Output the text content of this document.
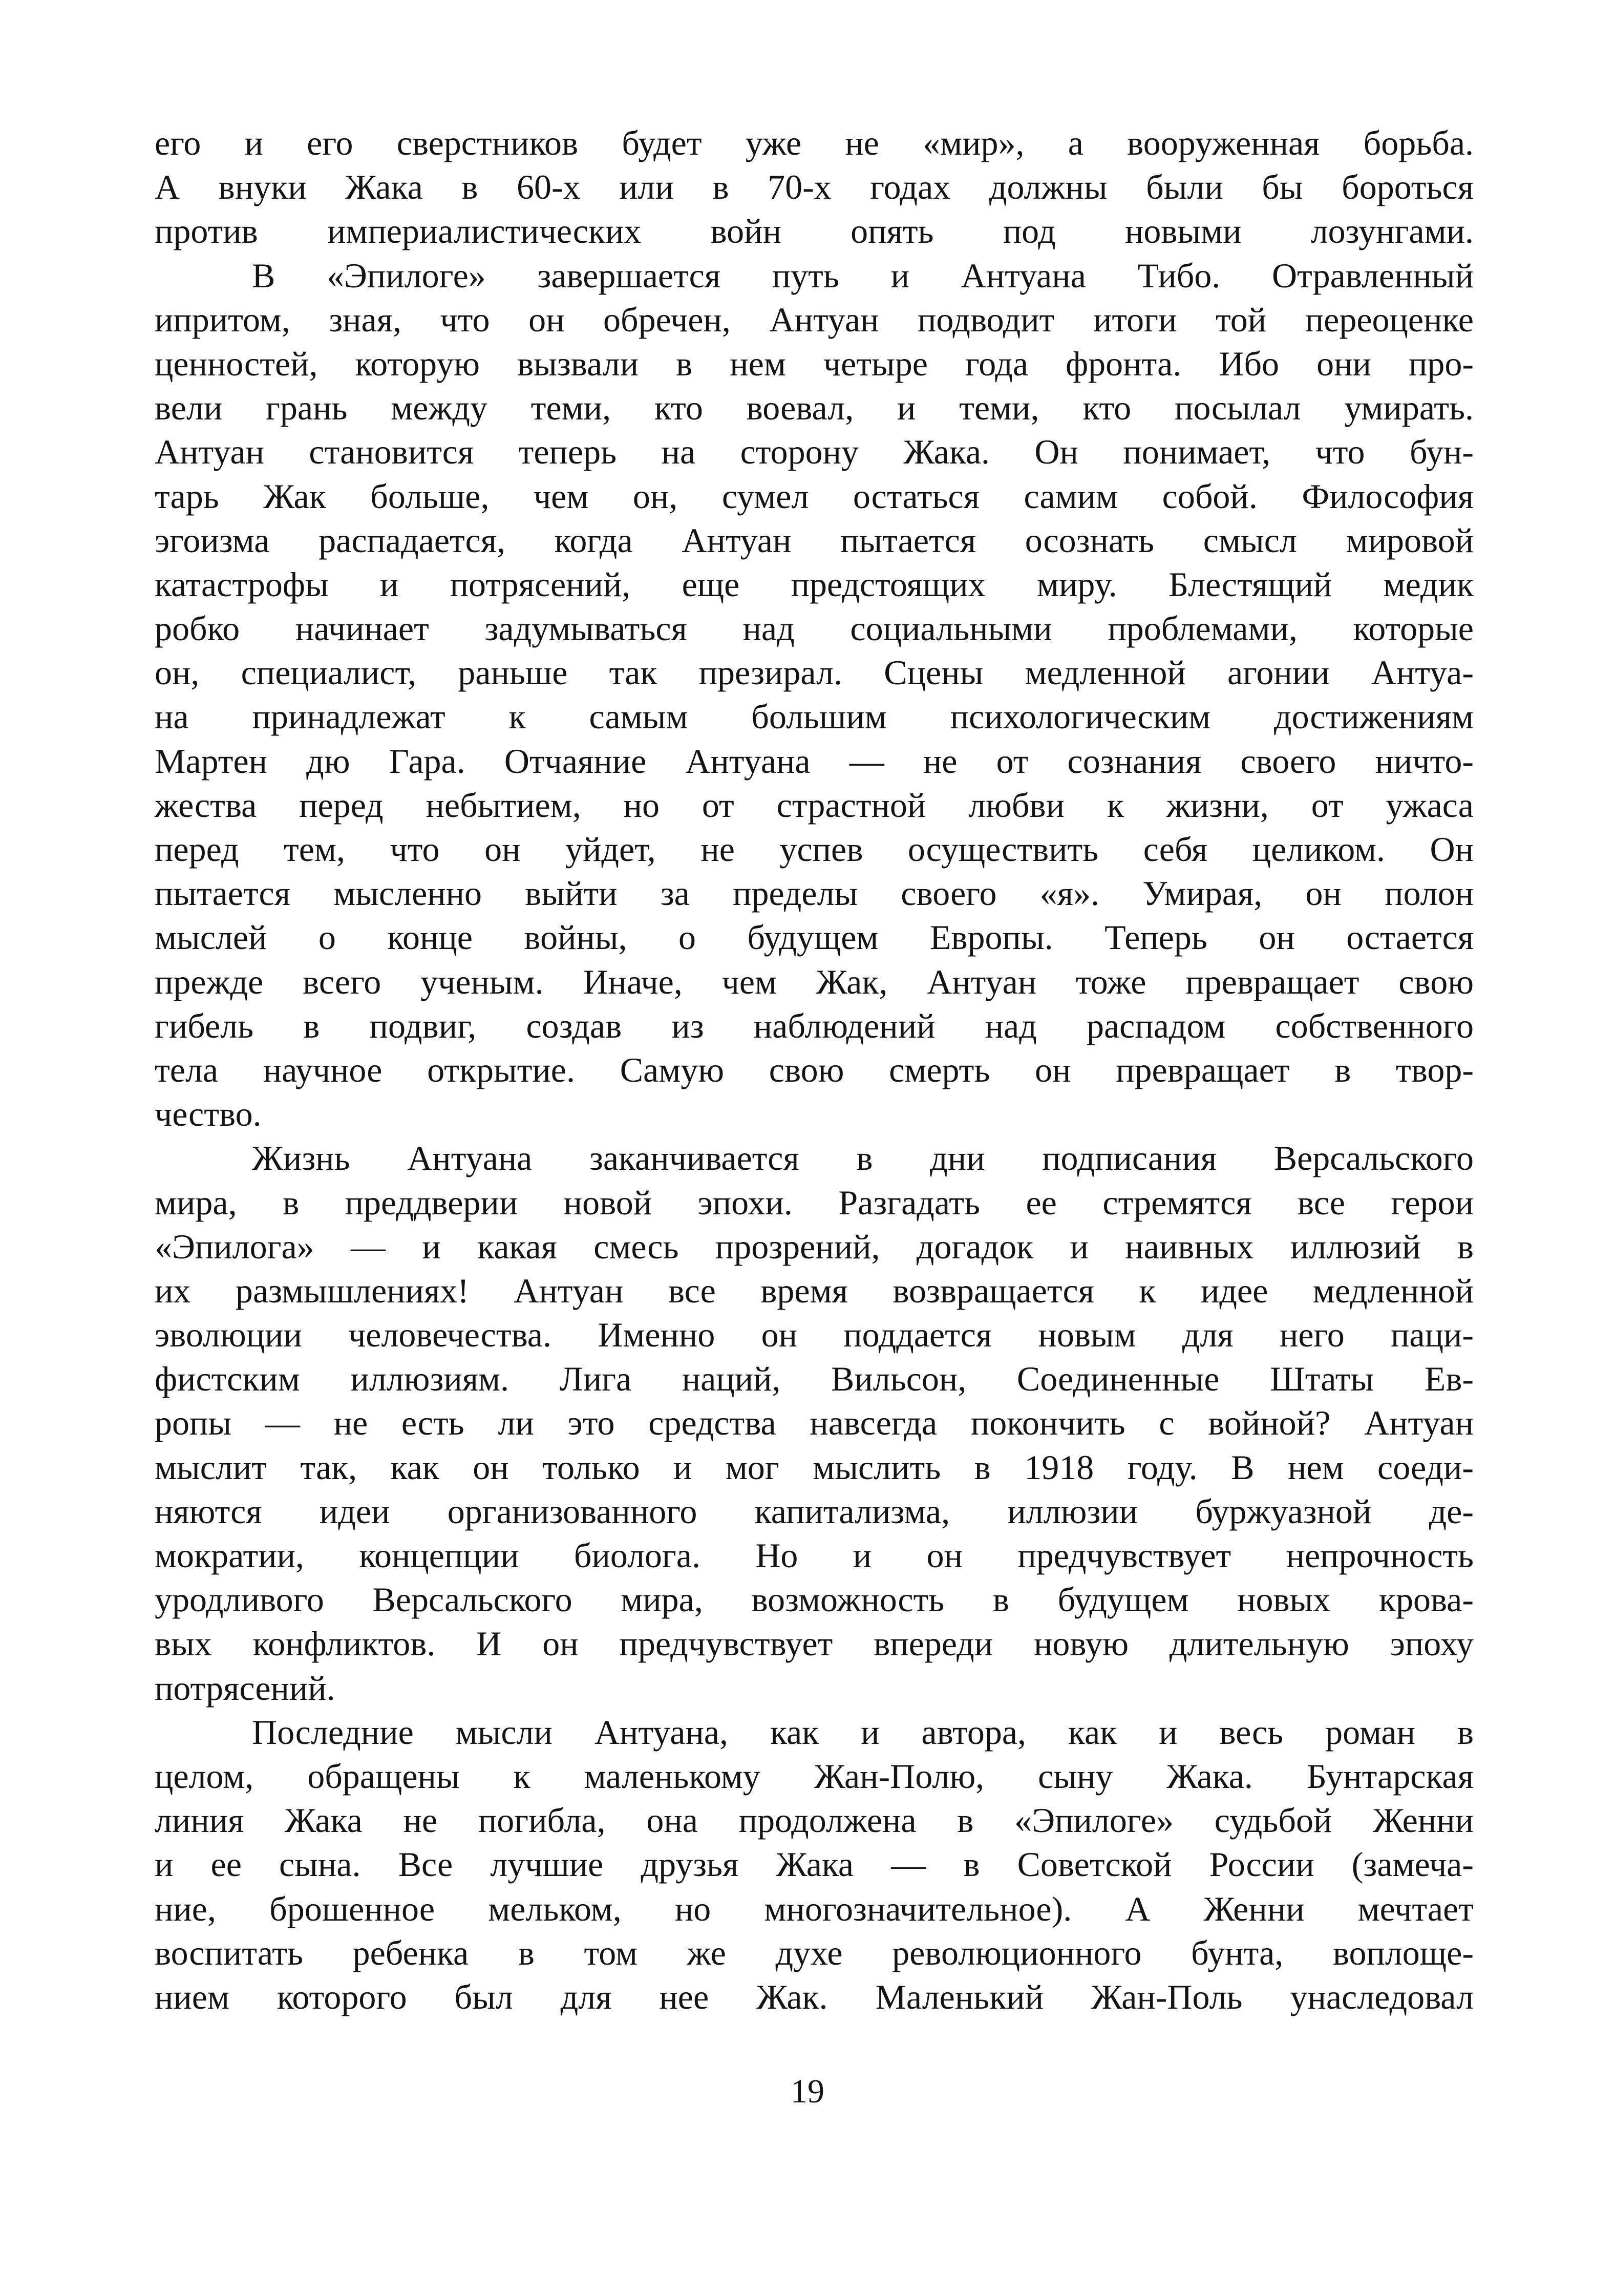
его и его сверстников будет уже не «мир», а вооруженная борьба.
А внуки Жака в 60-х или в 70-х годах должны были бы бороться
против империалистических войн опять под новыми лозунгами.
В «Эпилоге» завершается путь и Антуана Тибо. Отравленный
ипритом, зная, что он обречен, Антуан подводит итоги той переоценке
ценностей, которую вызвали в нем четыре года фронта. Ибо они про-
вели грань между теми, кто воевал, и теми, кто посылал умирать.
Антуан становится теперь на сторону Жака. Он понимает, что бун-
тарь Жак больше, чем он, сумел остаться самим собой. Философия
эгоизма распадается, когда Антуан пытается осознать смысл мировой
катастрофы и потрясений, еще предстоящих миру. Блестящий медик
робко начинает задумываться над социальными проблемами, которые
он, специалист, раньше так презирал. Сцены медленной агонии Антуа-
на принадлежат к самым большим психологическим достижениям
Мартен дю Гара. Отчаяние Антуана — не от сознания своего ничто-
жества перед небытием, но от страстной любви к жизни, от ужаса
перед тем, что он уйдет, не успев осуществить себя целиком. Он
пытается мысленно выйти за пределы своего «я». Умирая, он полон
мыслей о конце войны, о будущем Европы. Теперь он остается
прежде всего ученым. Иначе, чем Жак, Антуан тоже превращает свою
гибель в подвиг, создав из наблюдений над распадом собственного
тела научное открытие. Самую свою смерть он превращает в твор-
чество.
Жизнь Антуана заканчивается в дни подписания Версальского
мира, в преддверии новой эпохи. Разгадать ее стремятся все герои
«Эпилога» — и какая смесь прозрений, догадок и наивных иллюзий в
их размышлениях! Антуан все время возвращается к идее медленной
эволюции человечества. Именно он поддается новым для него паци-
фистским иллюзиям. Лига наций, Вильсон, Соединенные Штаты Ев-
ропы — не есть ли это средства навсегда покончить с войной? Антуан
мыслит так, как он только и мог мыслить в 1918 году. В нем соеди-
няются идеи организованного капитализма, иллюзии буржуазной де-
мократии, концепции биолога. Но и он предчувствует непрочность
уродливого Версальского мира, возможность в будущем новых крова-
вых конфликтов. И он предчувствует впереди новую длительную эпоху
потрясений.
Последние мысли Антуана, как и автора, как и весь роман в
целом, обращены к маленькому Жан-Полю, сыну Жака. Бунтарская
линия Жака не погибла, она продолжена в «Эпилоге» судьбой Женни
и ее сына. Все лучшие друзья Жака — в Советской России (замеча-
ние, брошенное мельком, но многозначительное). А Женни мечтает
воспитать ребенка в том же духе революционного бунта, воплоще-
нием которого был для нее Жак. Маленький Жан-Поль унаследовал
19
